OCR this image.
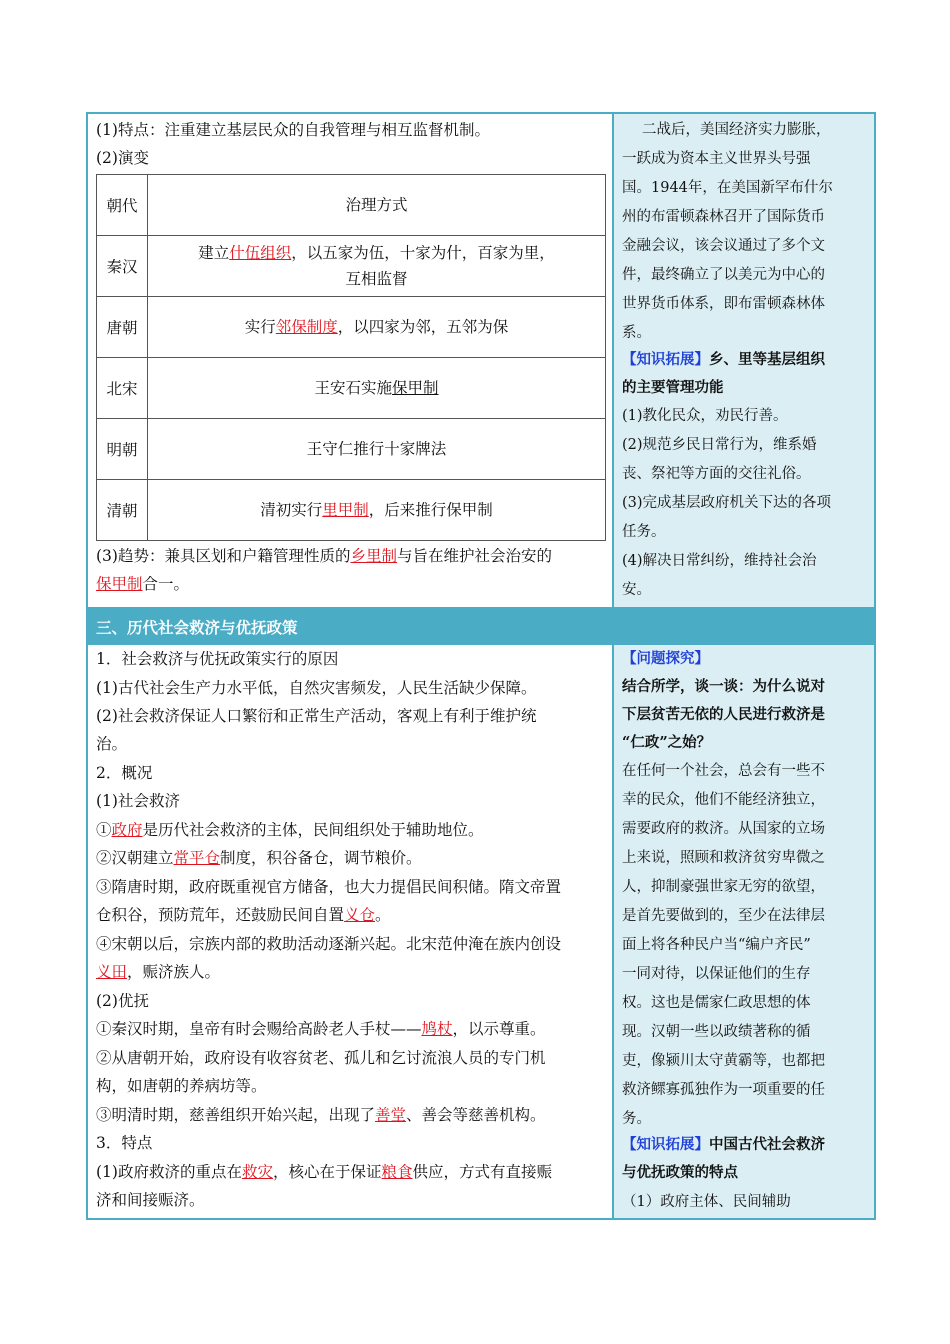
(1)特点：注重建立基层民众的自我管理与相互监督机制。
(2)演变
朝代	治理方式
秦汉	建立什伍组织，以五家为伍，十家为什，百家为里，
互相监督
唐朝	实行邻保制度，以四家为邻，五邻为保
北宋	王安石实施保甲制
明朝	王守仁推行十家牌法
清朝	清初实行里甲制，后来推行保甲制
(3)趋势：兼具区划和户籍管理性质的乡里制与旨在维护社会治安的
保甲制合一。
1．社会救济与优抚政策实行的原因
(1)古代社会生产力水平低，自然灾害频发，人民生活缺少保障。
(2)社会救济保证人口繁衍和正常生产活动，客观上有利于维护统
治。
2．概况
(1)社会救济
①政府是历代社会救济的主体，民间组织处于辅助地位。
②汉朝建立常平仓制度，积谷备仓，调节粮价。
③隋唐时期，政府既重视官方储备，也大力提倡民间积储。隋文帝置
仓积谷，预防荒年，还鼓励民间自置义仓。
④宋朝以后，宗族内部的救助活动逐渐兴起。北宋范仲淹在族内创设
义田，赈济族人。
(2)优抚
①秦汉时期，皇帝有时会赐给高龄老人手杖——鸠杖，以示尊重。
②从唐朝开始，政府设有收容贫老、孤儿和乞讨流浪人员的专门机
构，如唐朝的养病坊等。
③明清时期，慈善组织开始兴起，出现了善堂、善会等慈善机构。
3．特点
(1)政府救济的重点在救灾，核心在于保证粮食供应，方式有直接赈
济和间接赈济。
二战后，美国经济实力膨胀，
一跃成为资本主义世界头号强
国。1944年，在美国新罕布什尔
州的布雷顿森林召开了国际货币
金融会议，该会议通过了多个文
件，最终确立了以美元为中心的
世界货币体系，即布雷顿森林体
系。
【知识拓展】乡、里等基层组织
的主要管理功能
(1)教化民众，劝民行善。
(2)规范乡民日常行为，维系婚
丧、祭祀等方面的交往礼俗。
(3)完成基层政府机关下达的各项
任务。
(4)解决日常纠纷，维持社会治
安。
【问题探究】
结合所学，谈一谈：为什么说对
下层贫苦无依的人民进行救济是
“仁政”之始？
在任何一个社会，总会有一些不
幸的民众，他们不能经济独立，
需要政府的救济。从国家的立场
上来说，照顾和救济贫穷卑微之
人，抑制豪强世家无穷的欲望，
是首先要做到的，至少在法律层
面上将各种民户当“编户齐民”
一同对待，以保证他们的生存
权。这也是儒家仁政思想的体
现。汉朝一些以政绩著称的循
吏，像颍川太守黄霸等，也都把
救济鳏寡孤独作为一项重要的任
务。
【知识拓展】中国古代社会救济
与优抚政策的特点
（1）政府主体、民间辅助
三、历代社会救济与优抚政策
